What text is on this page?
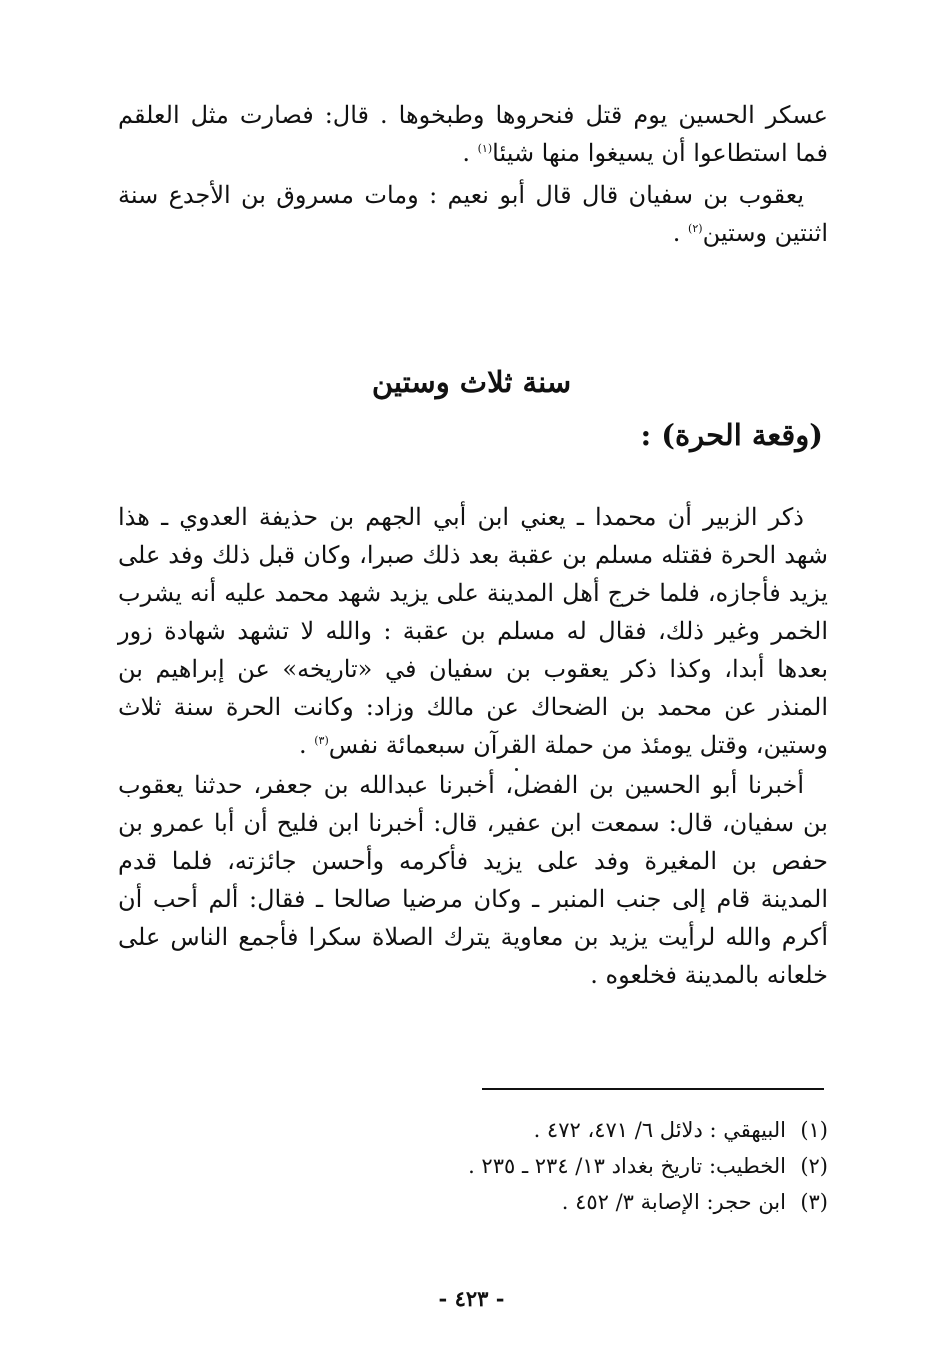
عسكر الحسين يوم قتل فنحروها وطبخوها . قال: فصارت مثل العلقم فما استطاعوا أن يسيغوا منها شيئا$^{(١)}$ .

يعقوب بن سفيان قال قال أبو نعيم : ومات مسروق بن الأجدع سنة اثنتين وستين$^{(٢)}$ .

سنة ثلاث وستين
(وقعة الحرة) :

ذكر الزبير أن محمدا ـ يعني ابن أبي الجهم بن حذيفة العدوي ـ هذا شهد الحرة فقتله مسلم بن عقبة بعد ذلك صبرا، وكان قبل ذلك وفد على يزيد فأجازه، فلما خرج أهل المدينة على يزيد شهد محمد عليه أنه يشرب الخمر وغير ذلك، فقال له مسلم بن عقبة : والله لا تشهد شهادة زور بعدها أبدا، وكذا ذكر يعقوب بن سفيان في «تاريخه» عن إبراهيم بن المنذر عن محمد بن الضحاك عن مالك وزاد: وكانت الحرة سنة ثلاث وستين، وقتل يومئذ من حملة القرآن سبعمائة نفس$^{(٣)}$ .

أخبرنا أبو الحسين بن الفضل، أخبرنا عبدالله بن جعفر، حدثنا يعقوب بن سفيان، قال: سمعت ابن عفير، قال: أخبرنا ابن فليح أن أبا عمرو بن حفص بن المغيرة وفد على يزيد فأكرمه وأحسن جائزته، فلما قدم المدينة قام إلى جنب المنبر ـ وكان مرضيا صالحا ـ فقال: ألم أحب أن أكرم والله لرأيت يزيد بن معاوية يترك الصلاة سكرا فأجمع الناس على خلعانه بالمدينة فخلعوه .

(١)البيهقي : دلائل ٦/ ٤٧١، ٤٧٢ .

(٢)الخطيب: تاريخ بغداد ١٣/ ٢٣٤ ـ ٢٣٥ .

(٣)ابن حجر: الإصابة ٣/ ٤٥٢ .

- ٤٢٣ -
